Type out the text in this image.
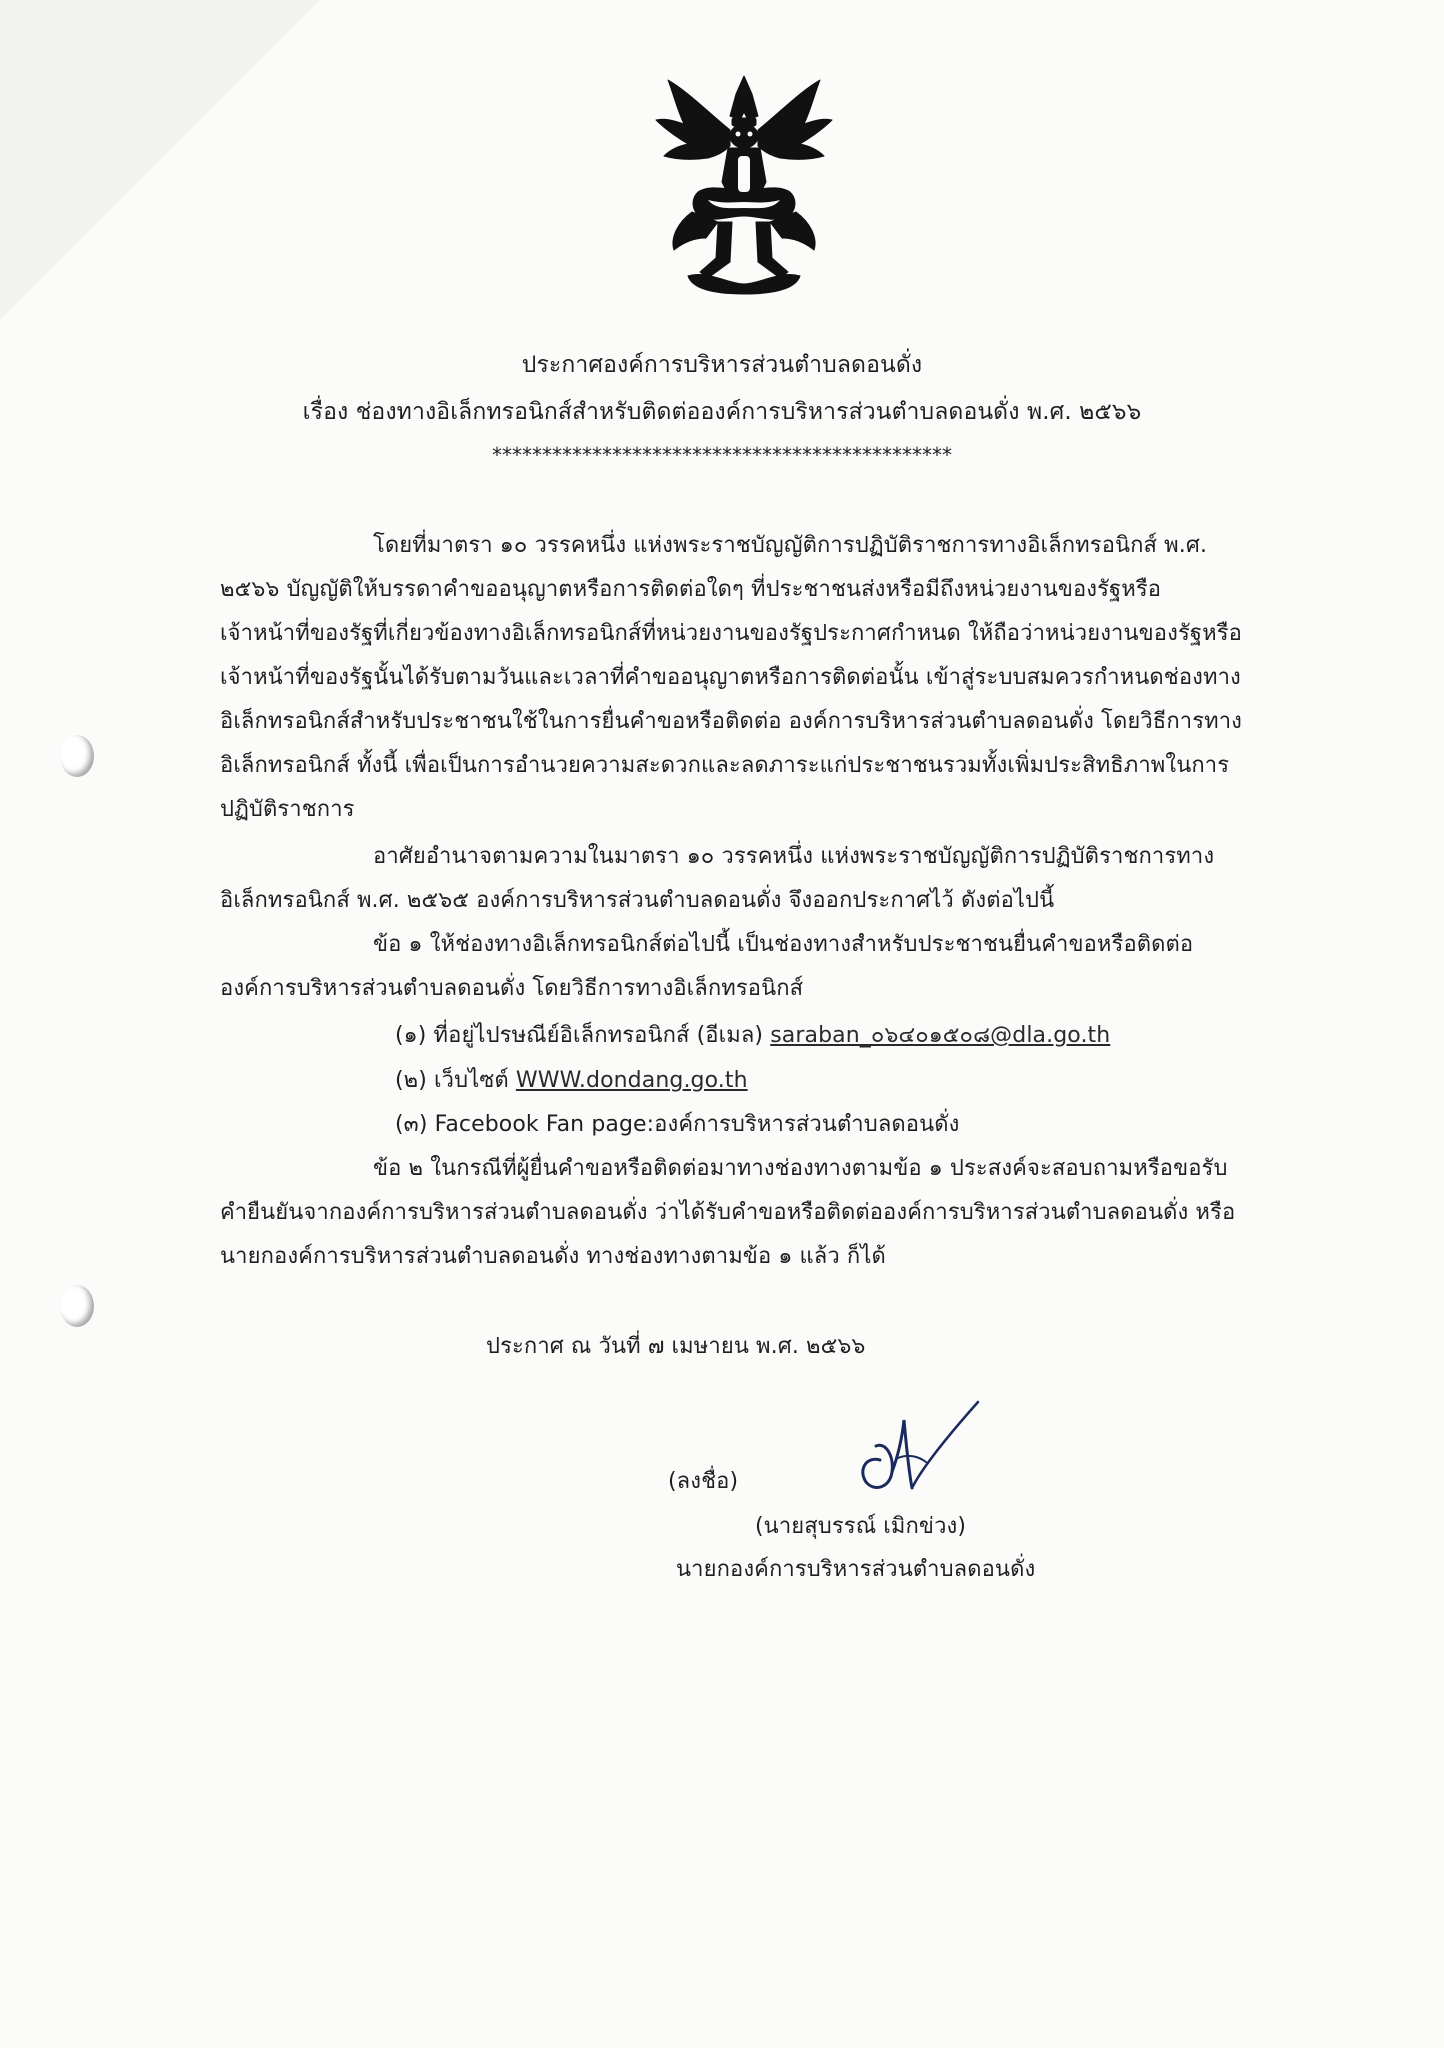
ประกาศองค์การบริหารส่วนตำบลดอนดั่ง
เรื่อง ช่องทางอิเล็กทรอนิกส์สำหรับติดต่อองค์การบริหารส่วนตำบลดอนดั่ง พ.ศ. ๒๕๖๖
**********************************************
โดยที่มาตรา ๑๐ วรรคหนึ่ง แห่งพระราชบัญญัติการปฏิบัติราชการทางอิเล็กทรอนิกส์ พ.ศ.
๒๕๖๖ บัญญัติให้บรรดาคำขออนุญาตหรือการติดต่อใดๆ ที่ประชาชนส่งหรือมีถึงหน่วยงานของรัฐหรือ
เจ้าหน้าที่ของรัฐที่เกี่ยวข้องทางอิเล็กทรอนิกส์ที่หน่วยงานของรัฐประกาศกำหนด ให้ถือว่าหน่วยงานของรัฐหรือ
เจ้าหน้าที่ของรัฐนั้นได้รับตามวันและเวลาที่คำขออนุญาตหรือการติดต่อนั้น เข้าสู่ระบบสมควรกำหนดช่องทาง
อิเล็กทรอนิกส์สำหรับประชาชนใช้ในการยื่นคำขอหรือติดต่อ องค์การบริหารส่วนตำบลดอนดั่ง โดยวิธีการทาง
อิเล็กทรอนิกส์ ทั้งนี้ เพื่อเป็นการอำนวยความสะดวกและลดภาระแก่ประชาชนรวมทั้งเพิ่มประสิทธิภาพในการ
ปฏิบัติราชการ
อาศัยอำนาจตามความในมาตรา ๑๐ วรรคหนึ่ง แห่งพระราชบัญญัติการปฏิบัติราชการทาง
อิเล็กทรอนิกส์ พ.ศ. ๒๕๖๕ องค์การบริหารส่วนตำบลดอนดั่ง จึงออกประกาศไว้ ดังต่อไปนี้
ข้อ ๑ ให้ช่องทางอิเล็กทรอนิกส์ต่อไปนี้ เป็นช่องทางสำหรับประชาชนยื่นคำขอหรือติดต่อ
องค์การบริหารส่วนตำบลดอนดั่ง โดยวิธีการทางอิเล็กทรอนิกส์
(๑) ที่อยู่ไปรษณีย์อิเล็กทรอนิกส์ (อีเมล) saraban_๐๖๔๐๑๕๐๘@dla.go.th
(๒) เว็บไซต์ WWW.dondang.go.th
(๓) Facebook Fan page:องค์การบริหารส่วนตำบลดอนดั่ง
ข้อ ๒ ในกรณีที่ผู้ยื่นคำขอหรือติดต่อมาทางช่องทางตามข้อ ๑ ประสงค์จะสอบถามหรือขอรับ
คำยืนยันจากองค์การบริหารส่วนตำบลดอนดั่ง ว่าได้รับคำขอหรือติดต่อองค์การบริหารส่วนตำบลดอนดั่ง หรือ
นายกองค์การบริหารส่วนตำบลดอนดั่ง ทางช่องทางตามข้อ ๑ แล้ว ก็ได้
ประกาศ ณ วันที่ ๗ เมษายน พ.ศ. ๒๕๖๖
(ลงชื่อ)
(นายสุบรรณ์ เมิกข่วง)
นายกองค์การบริหารส่วนตำบลดอนดั่ง
